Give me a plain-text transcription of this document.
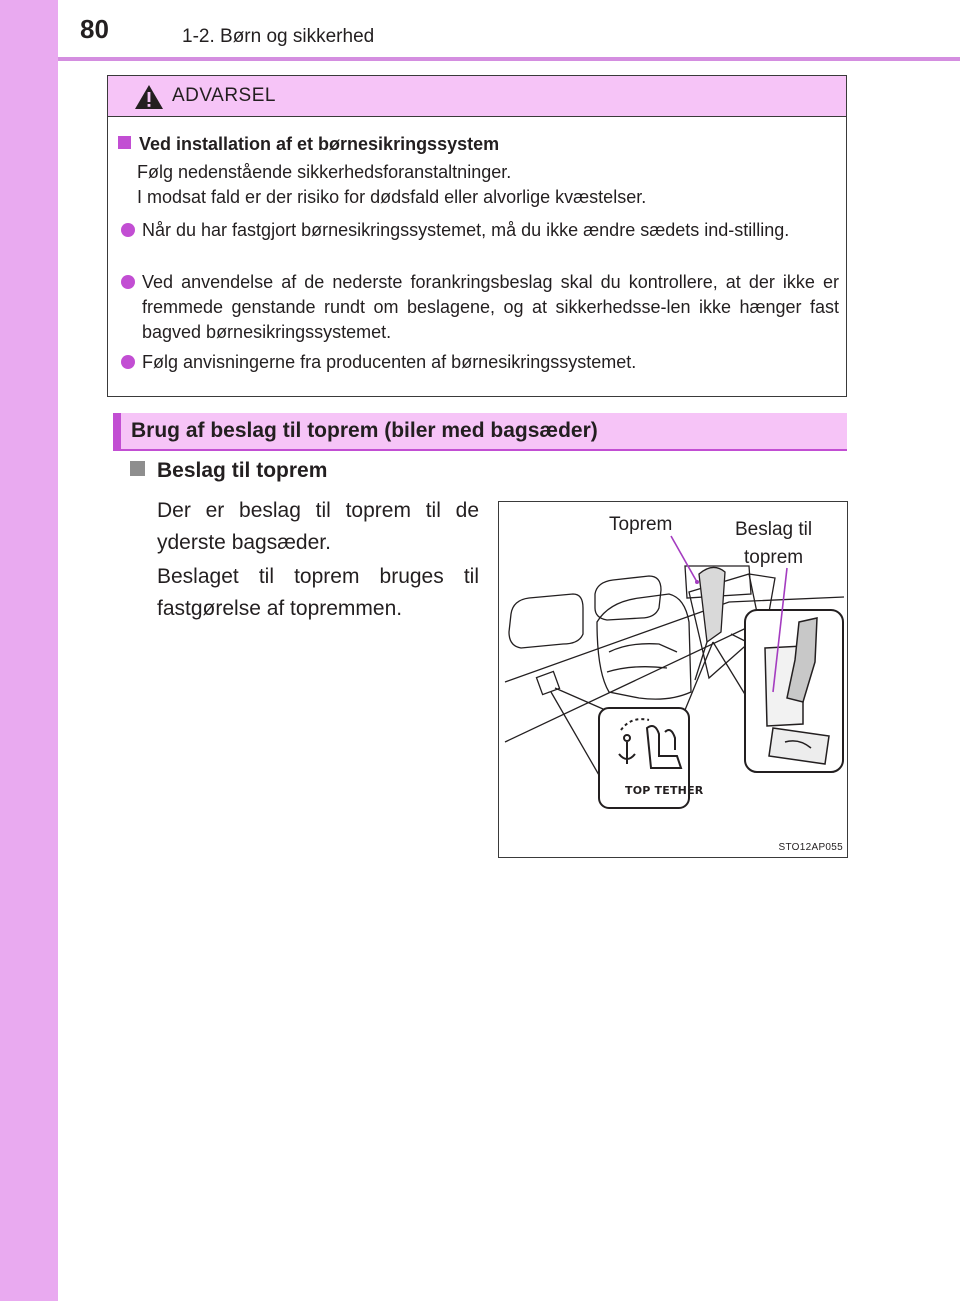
80	1-2. Børn og sikkerhed
ADVARSEL
Ved installation af et børnesikringssystem
Følg nedenstående sikkerhedsforanstaltninger.
I modsat fald er der risiko for dødsfald eller alvorlige kvæstelser.
Når du har fastgjort børnesikringssystemet, må du ikke ændre sædets ind-stilling.
Ved anvendelse af de nederste forankringsbeslag skal du kontrollere, at der ikke er fremmede genstande rundt om beslagene, og at sikkerhedsse-len ikke hænger fast bagved børnesikringssystemet.
Følg anvisningerne fra producenten af børnesikringssystemet.
Brug af beslag til toprem (biler med bagsæder)
Beslag til toprem
Der er beslag til toprem til de yderste bagsæder.
Beslaget til toprem bruges til fastgørelse af topremmen.
Toprem	Beslag til
toprem
TOP TETHER
STO12AP055
